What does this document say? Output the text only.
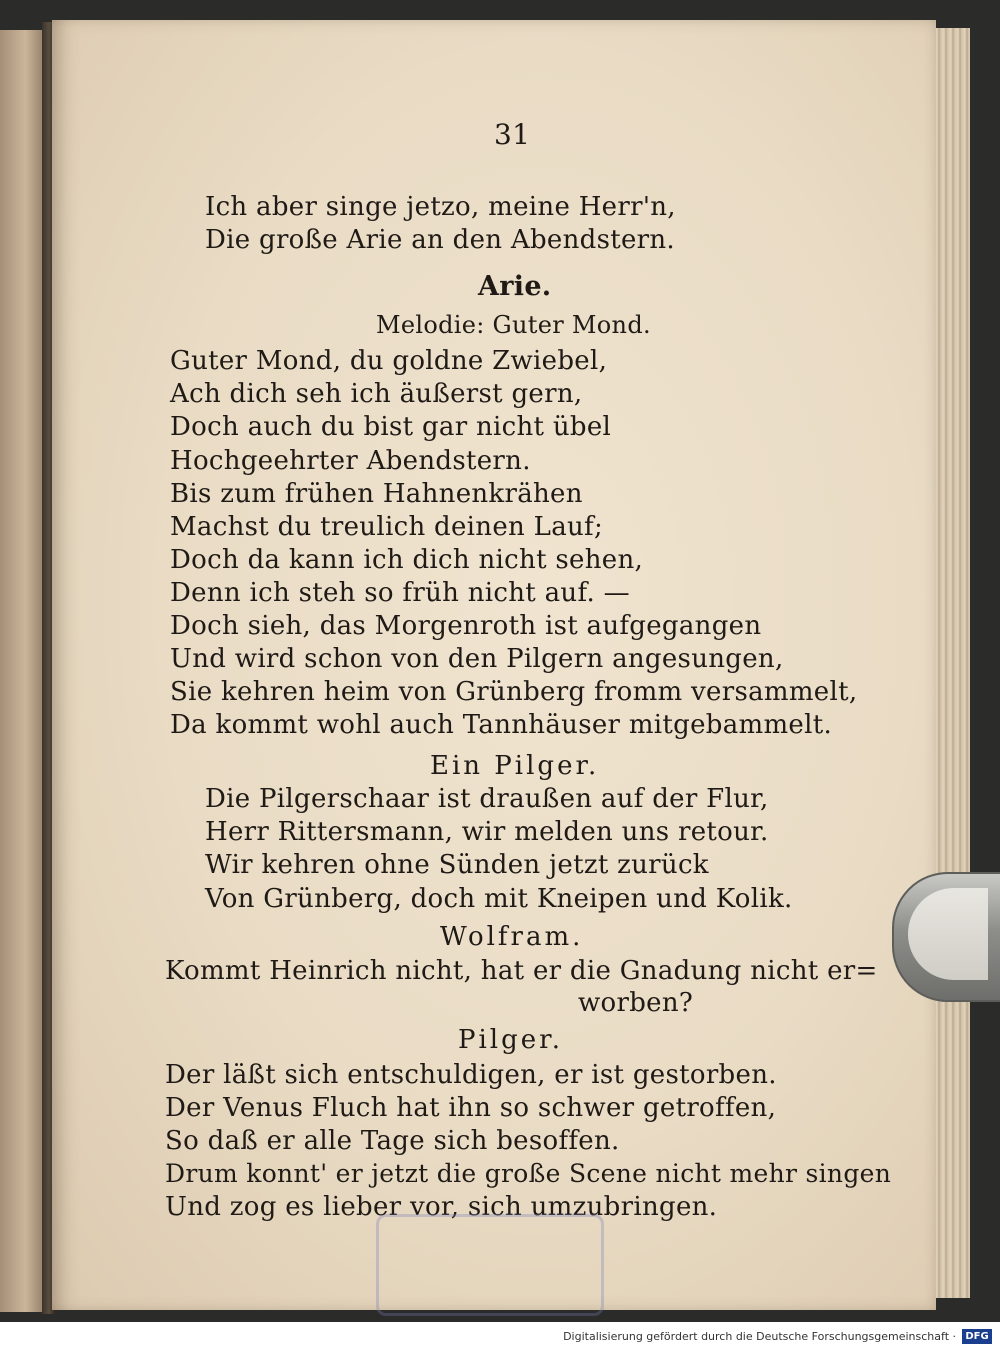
31
Ich aber singe jetzo, meine Herr'n,
Die große Arie an den Abendstern.
Arie.
Melodie: Guter Mond.
Guter Mond, du goldne Zwiebel,
Ach dich seh ich äußerst gern,
Doch auch du bist gar nicht übel
Hochgeehrter Abendstern.
Bis zum frühen Hahnenkrähen
Machst du treulich deinen Lauf;
Doch da kann ich dich nicht sehen,
Denn ich steh so früh nicht auf. —
Doch sieh, das Morgenroth ist aufgegangen
Und wird schon von den Pilgern angesungen,
Sie kehren heim von Grünberg fromm versammelt,
Da kommt wohl auch Tannhäuser mitgebammelt.
Ein Pilger.
Die Pilgerschaar ist draußen auf der Flur,
Herr Rittersmann, wir melden uns retour.
Wir kehren ohne Sünden jetzt zurück
Von Grünberg, doch mit Kneipen und Kolik.
Wolfram.
Kommt Heinrich nicht, hat er die Gnadung nicht er=
worben?
Pilger.
Der läßt sich entschuldigen, er ist gestorben.
Der Venus Fluch hat ihn so schwer getroffen,
So daß er alle Tage sich besoffen.
Drum konnt' er jetzt die große Scene nicht mehr singen
Und zog es lieber vor, sich umzubringen.
Digitalisierung gefördert durch die Deutsche Forschungsgemeinschaft · DFG
